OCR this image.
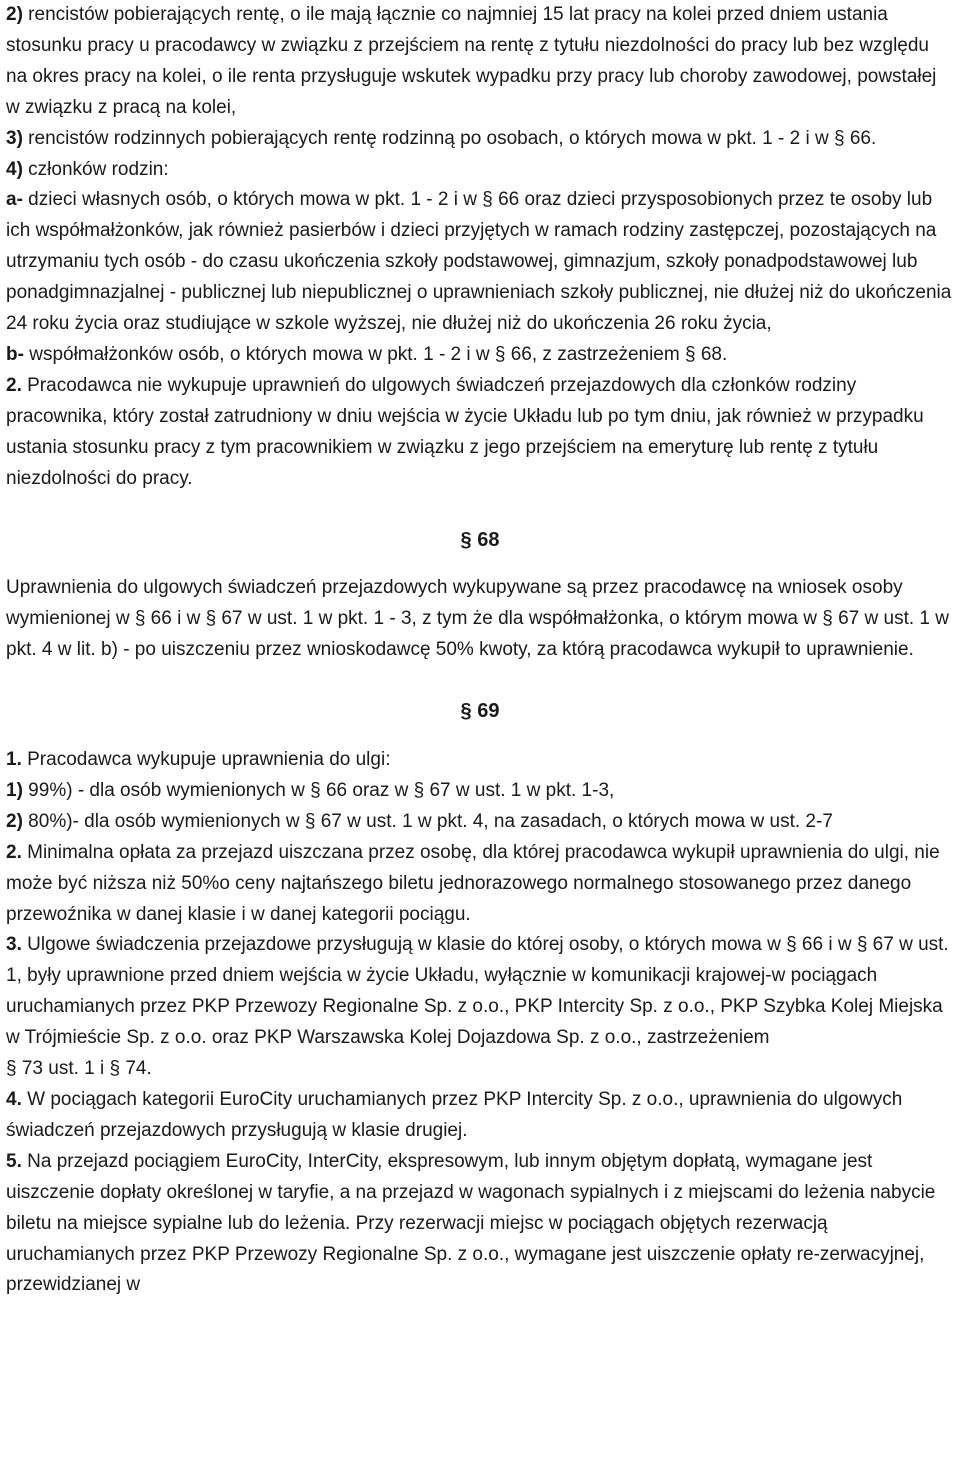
2) rencistów pobierających rentę, o ile mają łącznie co najmniej 15 lat pracy na kolei przed dniem ustania stosunku pracy u pracodawcy w związku z przejściem na rentę z tytułu niezdolności do pracy lub bez względu na okres pracy na kolei, o ile renta przysługuje wskutek wypadku przy pracy lub choroby zawodowej, powstałej w związku z pracą na kolei,

3) rencistów rodzinnych pobierających rentę rodzinną po osobach, o których mowa w pkt. 1 - 2 i w § 66.

4) członków rodzin:

a- dzieci własnych osób, o których mowa w pkt. 1 - 2 i w § 66 oraz dzieci przysposobionych przez te osoby lub ich współmałżonków, jak również pasierbów i dzieci przyjętych w ramach rodziny zastępczej, pozostających na utrzymaniu tych osób - do czasu ukończenia szkoły podstawowej, gimnazjum, szkoły ponadpodstawowej lub ponadgimnazjalnej - publicznej lub niepublicznej o uprawnieniach szkoły publicznej, nie dłużej niż do ukończenia 24 roku życia oraz studiujące w szkole wyższej, nie dłużej niż do ukończenia 26 roku życia,

b- współmałżonków osób, o których mowa w pkt. 1 - 2 i w § 66, z zastrzeżeniem § 68.

2. Pracodawca nie wykupuje uprawnień do ulgowych świadczeń przejazdowych dla członków rodziny pracownika, który został zatrudniony w dniu wejścia w życie Układu lub po tym dniu, jak również w przypadku ustania stosunku pracy z tym pracownikiem w związku z jego przejściem na emeryturę lub rentę z tytułu niezdolności do pracy.

§ 68

Uprawnienia do ulgowych świadczeń przejazdowych wykupywane są przez pracodawcę na wniosek osoby wymienionej w § 66 i w § 67 w ust. 1 w pkt. 1 - 3, z tym że dla współmałżonka, o którym mowa w § 67 w ust. 1 w pkt. 4 w lit. b) - po uiszczeniu przez wnioskodawcę 50% kwoty, za którą pracodawca wykupił to uprawnienie.

§ 69

1. Pracodawca wykupuje uprawnienia do ulgi:

1) 99%) - dla osób wymienionych w § 66 oraz w § 67 w ust. 1 w pkt. 1-3,

2) 80%)- dla osób wymienionych w § 67 w ust. 1 w pkt. 4, na zasadach, o których mowa w ust. 2-7

2. Minimalna opłata za przejazd uiszczana przez osobę, dla której pracodawca wykupił uprawnienia do ulgi, nie może być niższa niż 50%o ceny najtańszego biletu jednorazowego normalnego stosowanego przez danego przewoźnika w danej klasie i w danej kategorii pociągu.

3. Ulgowe świadczenia przejazdowe przysługują w klasie do której osoby, o których mowa w § 66 i w § 67 w ust. 1, były uprawnione przed dniem wejścia w życie Układu, wyłącznie w komunikacji krajowej-w pociągach uruchamianych przez PKP Przewozy Regionalne Sp. z o.o., PKP Intercity Sp. z o.o., PKP Szybka Kolej Miejska w Trójmieście Sp. z o.o. oraz PKP Warszawska Kolej Dojazdowa Sp. z o.o., zastrzeżeniem

§ 73 ust. 1 i § 74.

4. W pociągach kategorii EuroCity uruchamianych przez PKP Intercity Sp. z o.o., uprawnienia do ulgowych świadczeń przejazdowych przysługują w klasie drugiej.

5. Na przejazd pociągiem EuroCity, InterCity, ekspresowym, lub innym objętym dopłatą, wymagane jest uiszczenie dopłaty określonej w taryfie, a na przejazd w wagonach sypialnych i z miejscami do leżenia nabycie biletu na miejsce sypialne lub do leżenia. Przy rezerwacji miejsc w pociągach objętych rezerwacją uruchamianych przez PKP Przewozy Regionalne Sp. z o.o., wymagane jest uiszczenie opłaty re-zerwacyjnej, przewidzianej w
